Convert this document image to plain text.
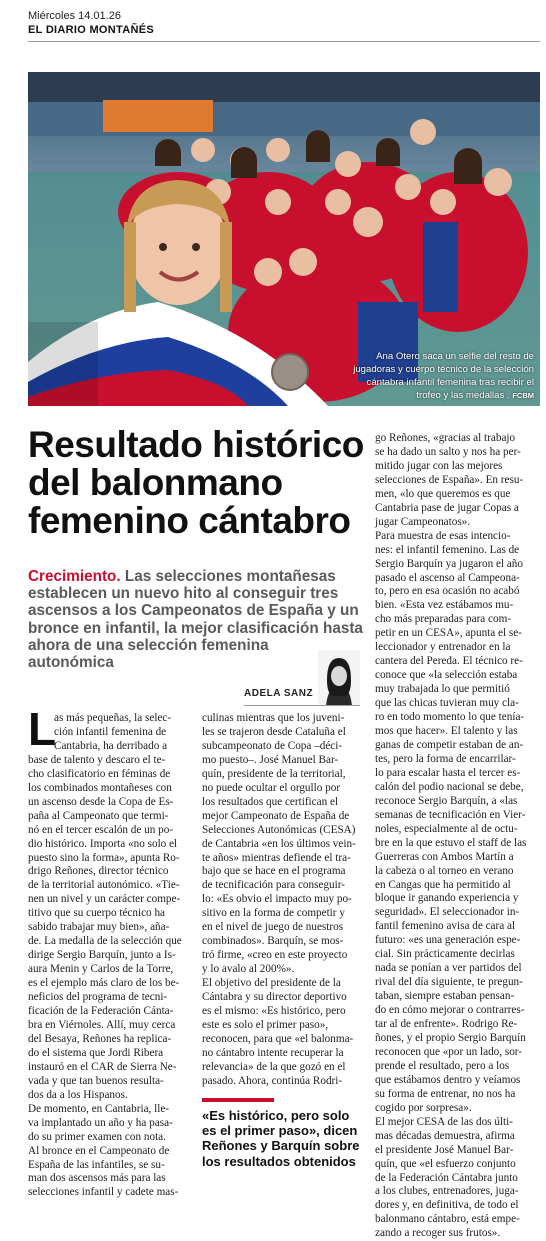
Miércoles 14.01.26
EL DIARIO MONTAÑÉS
Ana Otero saca un selfie del resto de jugadoras y cuerpo técnico de la selección cántabra infantil femenina tras recibir el trofeo y las medallas . FCBM
Resultado histórico
del balonmano
femenino cántabro
Crecimiento. Las selecciones montañesas
establecen un nuevo hito al conseguir tres
ascensos a los Campeonatos de España y un
bronce en infantil, la mejor clasificación hasta
ahora de una selección femenina
autonómica
ADELA SANZ
L
as más pequeñas, la selec-
ción infantil femenina de
Cantabria, ha derribado a
base de talento y descaro el te-
cho clasificatorio en féminas de
los combinados montañeses con
un ascenso desde la Copa de Es-
paña al Campeonato que termi-
nó en el tercer escalón de un po-
dio histórico. Importa «no solo el
puesto sino la forma», apunta Ro-
drigo Reñones, director técnico
de la territorial autonómico. «Tie-
nen un nivel y un carácter compe-
titivo que su cuerpo técnico ha
sabido trabajar muy bien», aña-
de. La medalla de la selección que
dirige Sergio Barquín, junto a Is-
aura Menin y Carlos de la Torre,
es el ejemplo más claro de los be-
neficios del programa de tecni-
ficación de la Federación Cánta-
bra en Viérnoles. Allí, muy cerca
del Besaya, Reñones ha replica-
do el sistema que Jordi Ribera
instauró en el CAR de Sierra Ne-
vada y que tan buenos resulta-
dos da a los Hispanos.
De momento, en Cantabria, lle-
va implantado un año y ha pasa-
do su primer examen con nota.
Al bronce en el Campeonato de
España de las infantiles, se su-
man dos ascensos más para las
selecciones infantil y cadete mas-
culinas mientras que los juveni-
les se trajeron desde Cataluña el
subcampeonato de Copa –déci-
mo puesto–. José Manuel Bar-
quín, presidente de la territorial,
no puede ocultar el orgullo por
los resultados que certifican el
mejor Campeonato de España de
Selecciones Autonómicas (CESA)
de Cantabria «en los últimos vein-
te años» mientras defiende el tra-
bajo que se hace en el programa
de tecnificación para conseguir-
lo: «Es obvio el impacto muy po-
sitivo en la forma de competir y
en el nivel de juego de nuestros
combinados». Barquín, se mos-
tró firme, «creo en este proyecto
y lo avalo al 200%».
El objetivo del presidente de la
Cántabra y su director deportivo
es el mismo: «Es histórico, pero
este es solo el primer paso»,
reconocen, para que «el balonma-
no cántabro intente recuperar la
relevancia» de la que gozó en el
pasado. Ahora, continúa Rodri-
go Reñones, «gracias al trabajo
se ha dado un salto y nos ha per-
mitido jugar con las mejores
selecciones de España». En resu-
men, «lo que queremos es que
Cantabria pase de jugar Copas a
jugar Campeonatos».
Para muestra de esas intencio-
nes: el infantil femenino. Las de
Sergio Barquín ya jugaron el año
pasado el ascenso al Campeona-
to, pero en esa ocasión no acabó
bien. «Esta vez estábamos mu-
cho más preparadas para com-
petir en un CESA», apunta el se-
leccionador y entrenador en la
cantera del Pereda. El técnico re-
conoce que «la selección estaba
muy trabajada lo que permitió
que las chicas tuvieran muy cla-
ro en todo momento lo que tenía-
mos que hacer». El talento y las
ganas de competir estaban de an-
tes, pero la forma de encarrilar-
lo para escalar hasta el tercer es-
calón del podio nacional se debe,
reconoce Sergio Barquín, a «las
semanas de tecnificación en Vier-
noles, especialmente al de octu-
bre en la que estuvo el staff de las
Guerreras con Ambos Martín a
la cabeza o al torneo en verano
en Cangas que ha permitido al
bloque ir ganando experiencia y
seguridad». El seleccionador in-
fantil femenino avisa de cara al
futuro: «es una generación espe-
cial. Sin prácticamente decirlas
nada se ponían a ver partidos del
rival del día siguiente, te pregun-
taban, siempre estaban pensan-
do en cómo mejorar o contrarres-
tar al de enfrente». Rodrigo Re-
ñones, y el propio Sergio Barquín
reconocen que «por un lado, sor-
prende el resultado, pero a los
que estábamos dentro y veíamos
su forma de entrenar, no nos ha
cogido por sorpresa».
El mejor CESA de las dos últi-
mas décadas demuestra, afirma
el presidente José Manuel Bar-
quín, que «el esfuerzo conjunto
de la Federación Cántabra junto
a los clubes, entrenadores, juga-
dores y, en definitiva, de todo el
balonmano cántabro, está empe-
zando a recoger sus frutos».
«Es histórico, pero solo
es el primer paso», dicen
Reñones y Barquín sobre
los resultados obtenidos
